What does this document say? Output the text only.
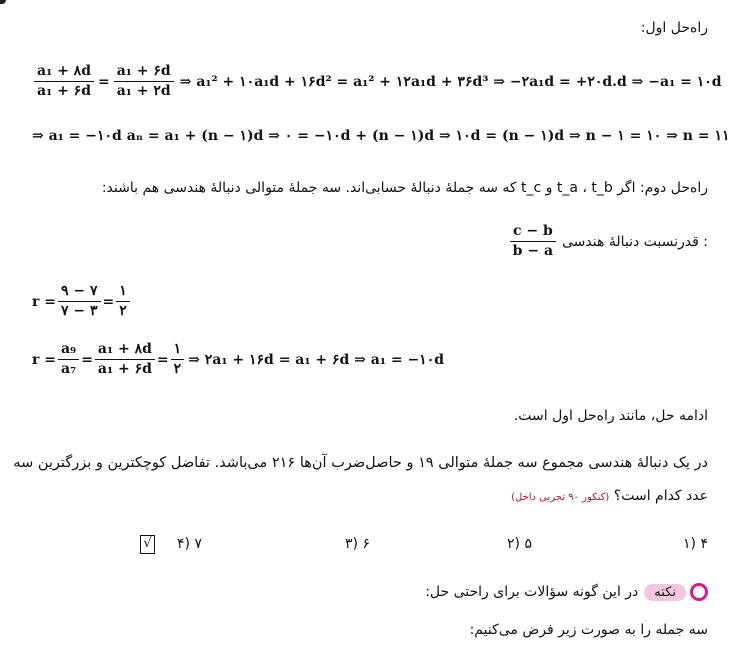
راه‌حل اول:
$\frac{\text{a₁ + ۸d}}{\text{a₁ + ۶d}} = \frac{\text{a₁ + ۶d}}{\text{a₁ + ۲d}}$ ⇒ a₁² + ۱۰a₁d + ۱۶d² = a₁² + ۱۲a₁d + ۳۶d³ ⇒ −۲a₁d = +۲۰d.d ⇒ −a₁ = ۱۰d
⇒ a₁ = −۱۰d aₙ = a₁ + (n − ۱)d ⇒ ۰ = −۱۰d + (n − ۱)d ⇒ ۱۰d = (n − ۱)d ⇒ n − ۱ = ۱۰ ⇒ n = ۱۱
راه‌حل دوم: اگر t_a ، t_b و t_c که سه جملهٔ دنبالهٔ حسابی‌اند. سه جملهٔ متوالی دنبالهٔ هندسی هم باشند:
: قدرنسبت دنبالهٔ هندسی
$\frac{c - b}{b - a}$
$r = \frac{۹ - ۷}{۷ - ۳} = \frac{۱}{۲}$
$r = \frac{\text{a₉}}{\text{a₇}} = \frac{\text{a₁ + ۸d}}{\text{a₁ + ۶d}} = \frac{۱}{۲}$ ⇒ ۲a₁ + ۱۶d = a₁ + ۶d ⇒ a₁ = −۱۰d
ادامه حل، مانند راه‌حل اول است.
در یک دنبالهٔ هندسی مجموع سه جملهٔ متوالی ۱۹ و حاصل‌ضرب آن‌ها ۲۱۶ می‌باشد. تفاضل کوچکترین و بزرگترین سه
عدد کدام است؟ (کنکور ۹۰ تجربی داخل)
۴ (۱
۵ (۲
۶ (۳
۷ (۴
√
نکته
در این گونه سؤالات برای راحتی حل:
سه جمله را به صورت زیر فرض می‌کنیم:
